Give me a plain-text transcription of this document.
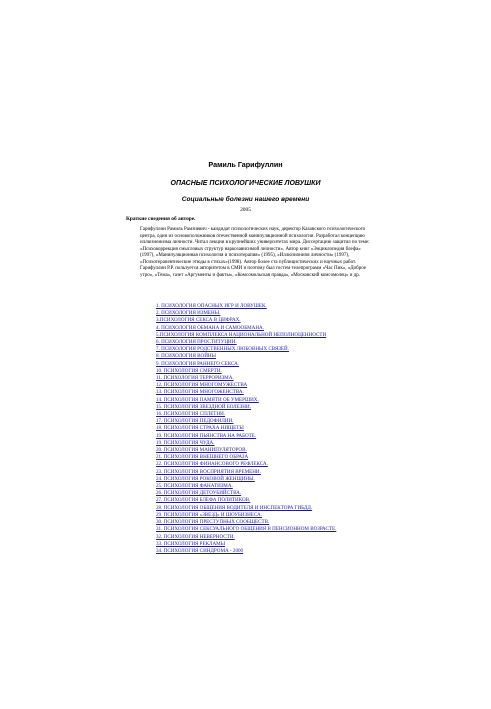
Рамиль Гарифуллин
ОПАСНЫЕ ПСИХОЛОГИЧЕСКИЕ ЛОВУШКИ
Социальные болезни нашего времени
2005
Краткие сведения об авторе.
Гарифуллин Рамиль Рамзиевич - кандидат психологических наук, директор Казанского психологического центра, один из основоположников отечественной манипуляционной психологии. Разработал концепцию иллюзионизма личности. Читал лекции в крупнейших университетах мира. Диссертацию защитил по теме: «Психокоррекция смысловых структур наркозависимой личности». Автор книг «Энциклопедия блефа» (1997), «Манипуляционная психология и психотерапия» (1995), «Иллюзионизм личности» (1997), «Психотерапевтические этюды в стихах»(1998). Автор более ста публицистических и научных работ. Гарифуллин Р.Р. пользуется авторитетом в СМИ и поэтому был гостем телепрограмм «Час Пик», «Доброе утро», «Тема», газет «Аргументы и факты», «Комсомольская правда», «Московский комсомолец» и др.
1. ПСИХОЛОГИЯ ОПАСНЫХ ИГР И ЛОВУШЕК.
2. ПСИХОЛОГИЯ ИЗМЕНЫ.
3.ПСИХОЛОГИЯ СЕКСА В ЦИФРАХ.
4. ПСИХОЛОГИЯ ОБМАНА И САМООБМАНА.
5.ПСИХОЛОГИЯ КОМПЛЕКСА НАЦИОНАЛЬНОЙ НЕПОЛНОЦЕННОСТИ
6. ПСИХОЛОГИЯ ПРОСТИТУЦИИ.
7. ПСИХОЛОГИЯ РОДСТВЕННЫХ ЛЮБОВНЫХ СВЯЗЕЙ.
8. ПСИХОЛОГИЯ ВОЙНЫ
9. ПСИХОЛОГИЯ РАННЕГО СЕКСА.
10. ПСИХОЛОГИЯ СМЕРТИ.
11. ПСИХОЛОГИЯ ТЕРРОРИЗМА.
12. ПСИХОЛОГИЯ МНОГОМУЖЕСТВА
13. ПСИХОЛОГИЯ МНОГОЖЕНСТВА.
14. ПСИХОЛОГИЯ ПАМЯТИ ОБ УМЕРШИХ.
15. ПСИХОЛОГИЯ ЗВЕЗДНОЙ БОЛЕЗНИ.
16. ПСИХОЛОГИЯ СПЛЕТНИ.
17. ПСИХОЛОГИЯ ПЕДОФИЛИИ.
18. ПСИХОЛОГИЯ СТРАХА НИЩЕТЫ
19. ПСИХОЛОГИЯ ПЬЯНСТВА НА РАБОТЕ.
19. ПСИХОЛОГИЯ ЧУДА.
20. ПСИХОЛОГИЯ МАНИПУЛЯТОРОВ.
21. ПСИХОЛОГИЯ ВНЕШНЕГО ОБРАЗА
22. ПСИХОЛОГИЯ ФИНАНСОВОГО РЕФЛЕКСА.
23. ПСИХОЛОГИЯ ВОСПРИЯТИЯ ВРЕМЕНИ.
24. ПСИХОЛОГИЯ РОКОВОЙ ЖЕНЩИНЫ.
25. ПСИХОЛОГИЯ ФАНАТИЗМА.
26. ПСИХОЛОГИЯ ДЕТОУБИЙСТВА.
27. ПСИХОЛОГИЯ БЛЕФА ПОЛИТИКОВ.
28. ПСИХОЛОГИЯ ОБЩЕНИЯ ВОДИТЕЛЯ И ИНСПЕКТОРА ГИБДД.
29. ПСИХОЛОГИЯ «ЗВЕЗД» И ШОУБИЗНЕСА.
30. ПСИХОЛОГИЯ ПРЕСТУПНЫХ СООБЩЕСТВ.
31. ПСИХОЛОГИЯ СЕКСУАЛЬНОГО ОБЩЕНИЯ В ПЕНСИОННОМ ВОЗРАСТЕ.
32. ПСИХОЛОГИЯ НЕВЕРНОСТИ.
33. ПСИХОЛОГИЯ РЕКЛАМЫ
34. ПСИХОЛОГИЯ СИНДРОМА - 2000
